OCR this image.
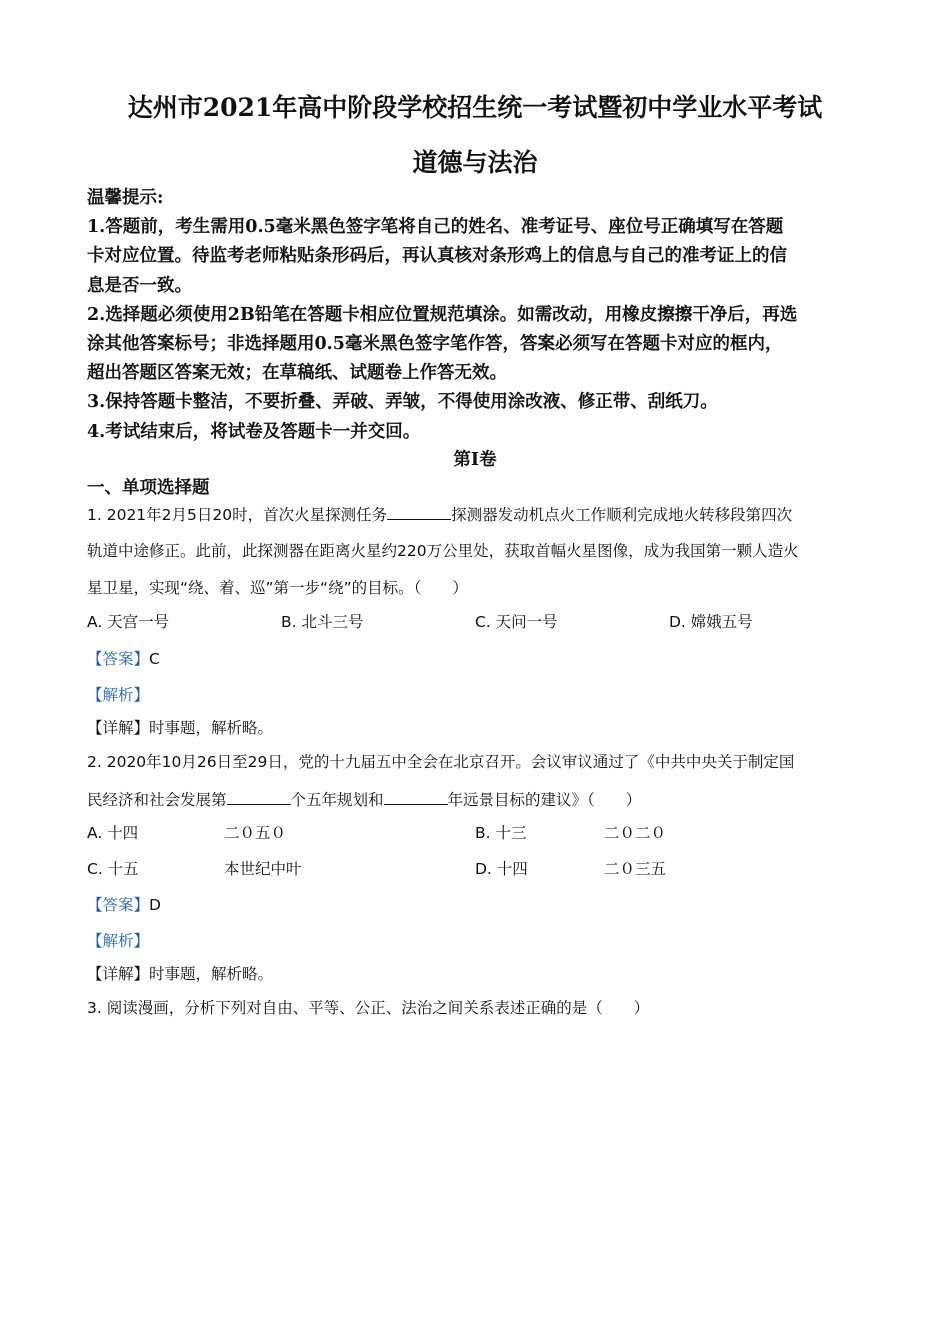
达州市2021年高中阶段学校招生统一考试暨初中学业水平考试
道德与法治

温馨提示:

1.答题前，考生需用0.5毫米黑色签字笔将自己的姓名、准考证号、座位号正确填写在答题

卡对应位置。待监考老师粘贴条形码后，再认真核对条形鸡上的信息与自己的准考证上的信

息是否一致。

2.选择题必须使用2B铅笔在答题卡相应位置规范填涂。如需改动，用橡皮擦擦干净后，再选

涂其他答案标号；非选择题用0.5毫米黑色签字笔作答，答案必须写在答题卡对应的框内，

超出答题区答案无效；在草稿纸、试题卷上作答无效。

3.保持答题卡整洁，不要折叠、弄破、弄皱，不得使用涂改液、修正带、刮纸刀。

4.考试结束后，将试卷及答题卡一并交回。

第Ⅰ卷
一、单项选择题
1. 2021年2月5日20时，首次火星探测任务	探测器发动机点火工作顺利完成地火转移段第四次
轨道中途修正。此前，此探测器在距离火星约220万公里处，获取首幅火星图像，成为我国第一颗人造火
星卫星，实现“绕、着、巡”第一步“绕”的目标。（　　）
A. 天宫一号	B. 北斗三号	C. 天问一号	D. 嫦娥五号
【答案】C
【解析】
【详解】时事题，解析略。
2. 2020年10月26日至29日，党的十九届五中全会在北京召开。会议审议通过了《中共中央关于制定国
民经济和社会发展第	个五年规划和	年远景目标的建议》（　　）
A. 十四	二０五０	B. 十三	二０二０
C. 十五	本世纪中叶	D. 十四	二０三五
【答案】D
【解析】
【详解】时事题，解析略。
3. 阅读漫画，分析下列对自由、平等、公正、法治之间关系表述正确的是（　　）
